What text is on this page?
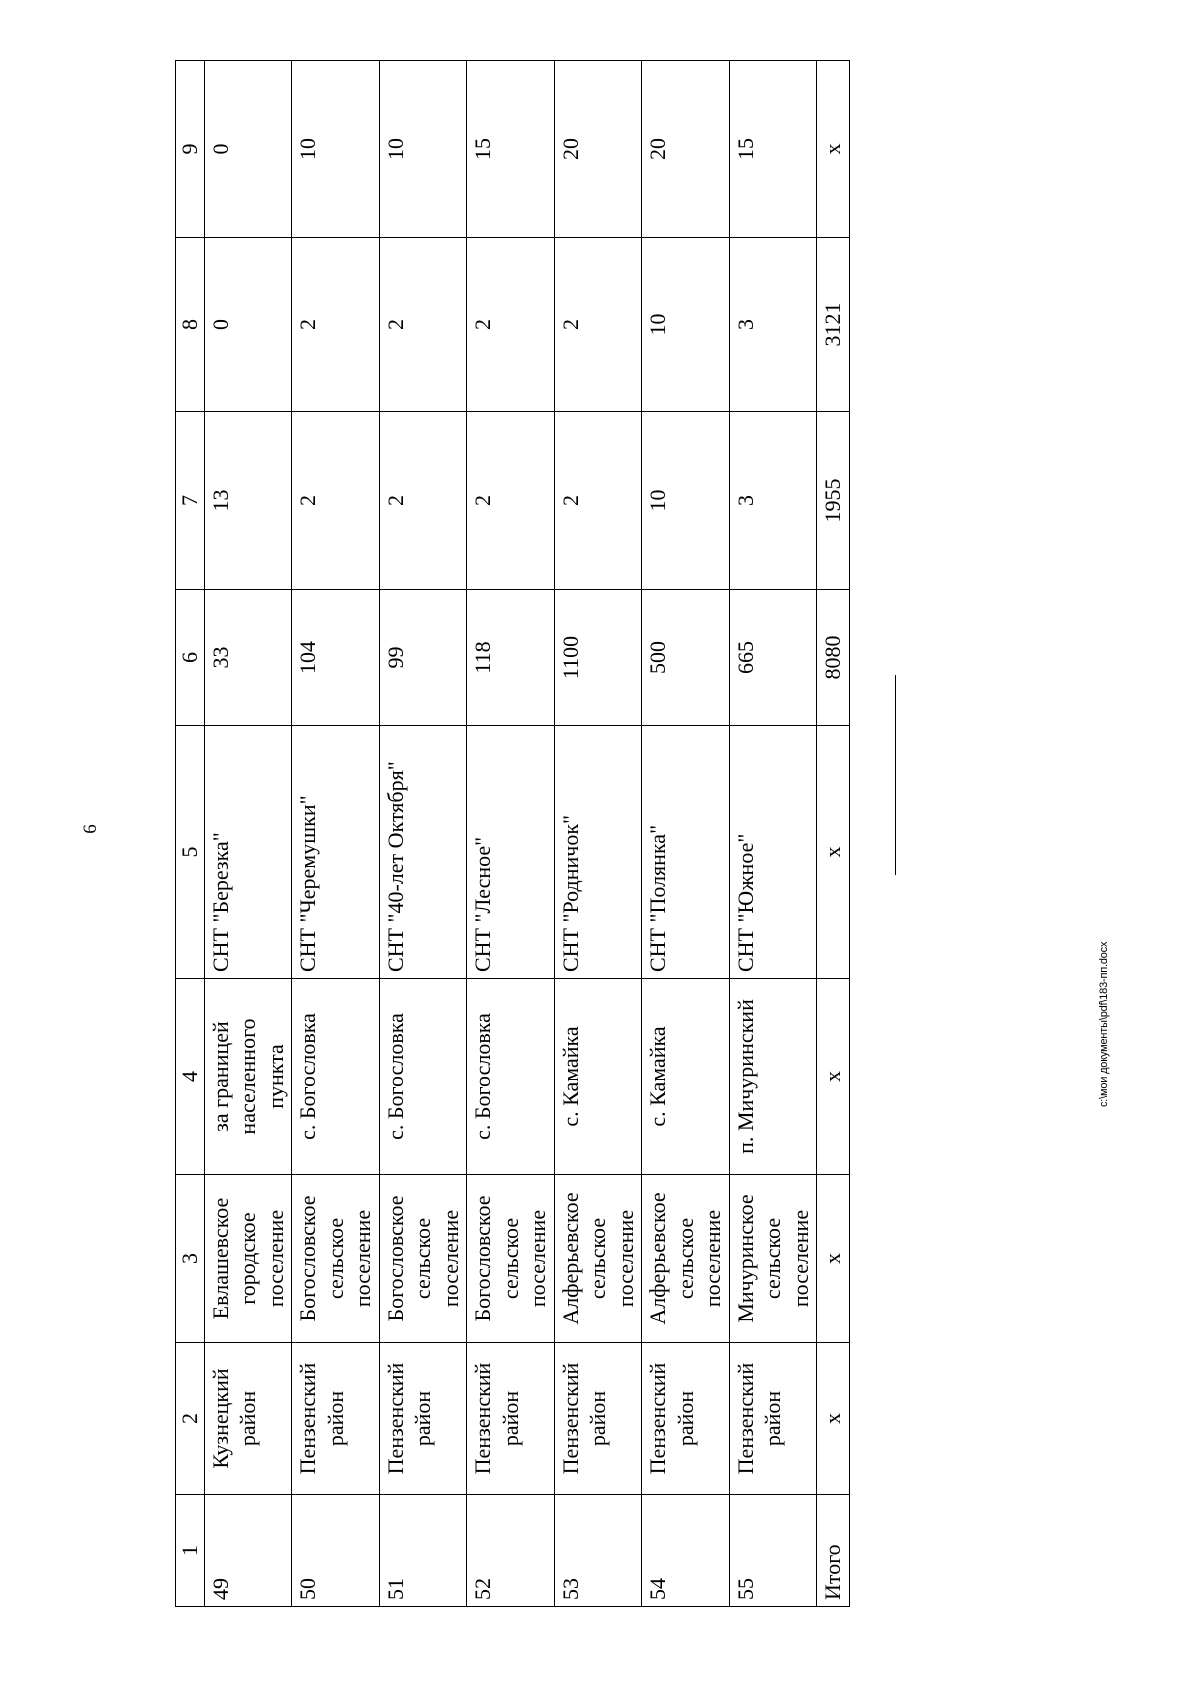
6
1	2	3	4	5	6	7	8	9
49	Кузнецкий район	Евлашевское городское поселение	за границей населенного пункта	СНТ "Березка"	33	13	0	0
50	Пензенский район	Богословское сельское поселение	с. Богословка	СНТ "Черемушки"	104	2	2	10
51	Пензенский район	Богословское сельское поселение	с. Богословка	СНТ "40-лет Октября"	99	2	2	10
52	Пензенский район	Богословское сельское поселение	с. Богословка	СНТ "Лесное"	118	2	2	15
53	Пензенский район	Алферьевское сельское поселение	с. Камайка	СНТ "Родничок"	1100	2	2	20
54	Пензенский район	Алферьевское сельское поселение	с. Камайка	СНТ "Полянка"	500	10	10	20
55	Пензенский район	Мичуринское сельское поселение	п. Мичуринский	СНТ "Южное"	665	3	3	15
Итого	х	х	х	х	8080	1955	3121	х
c:\мои документы\pdf\183-пп.docx
